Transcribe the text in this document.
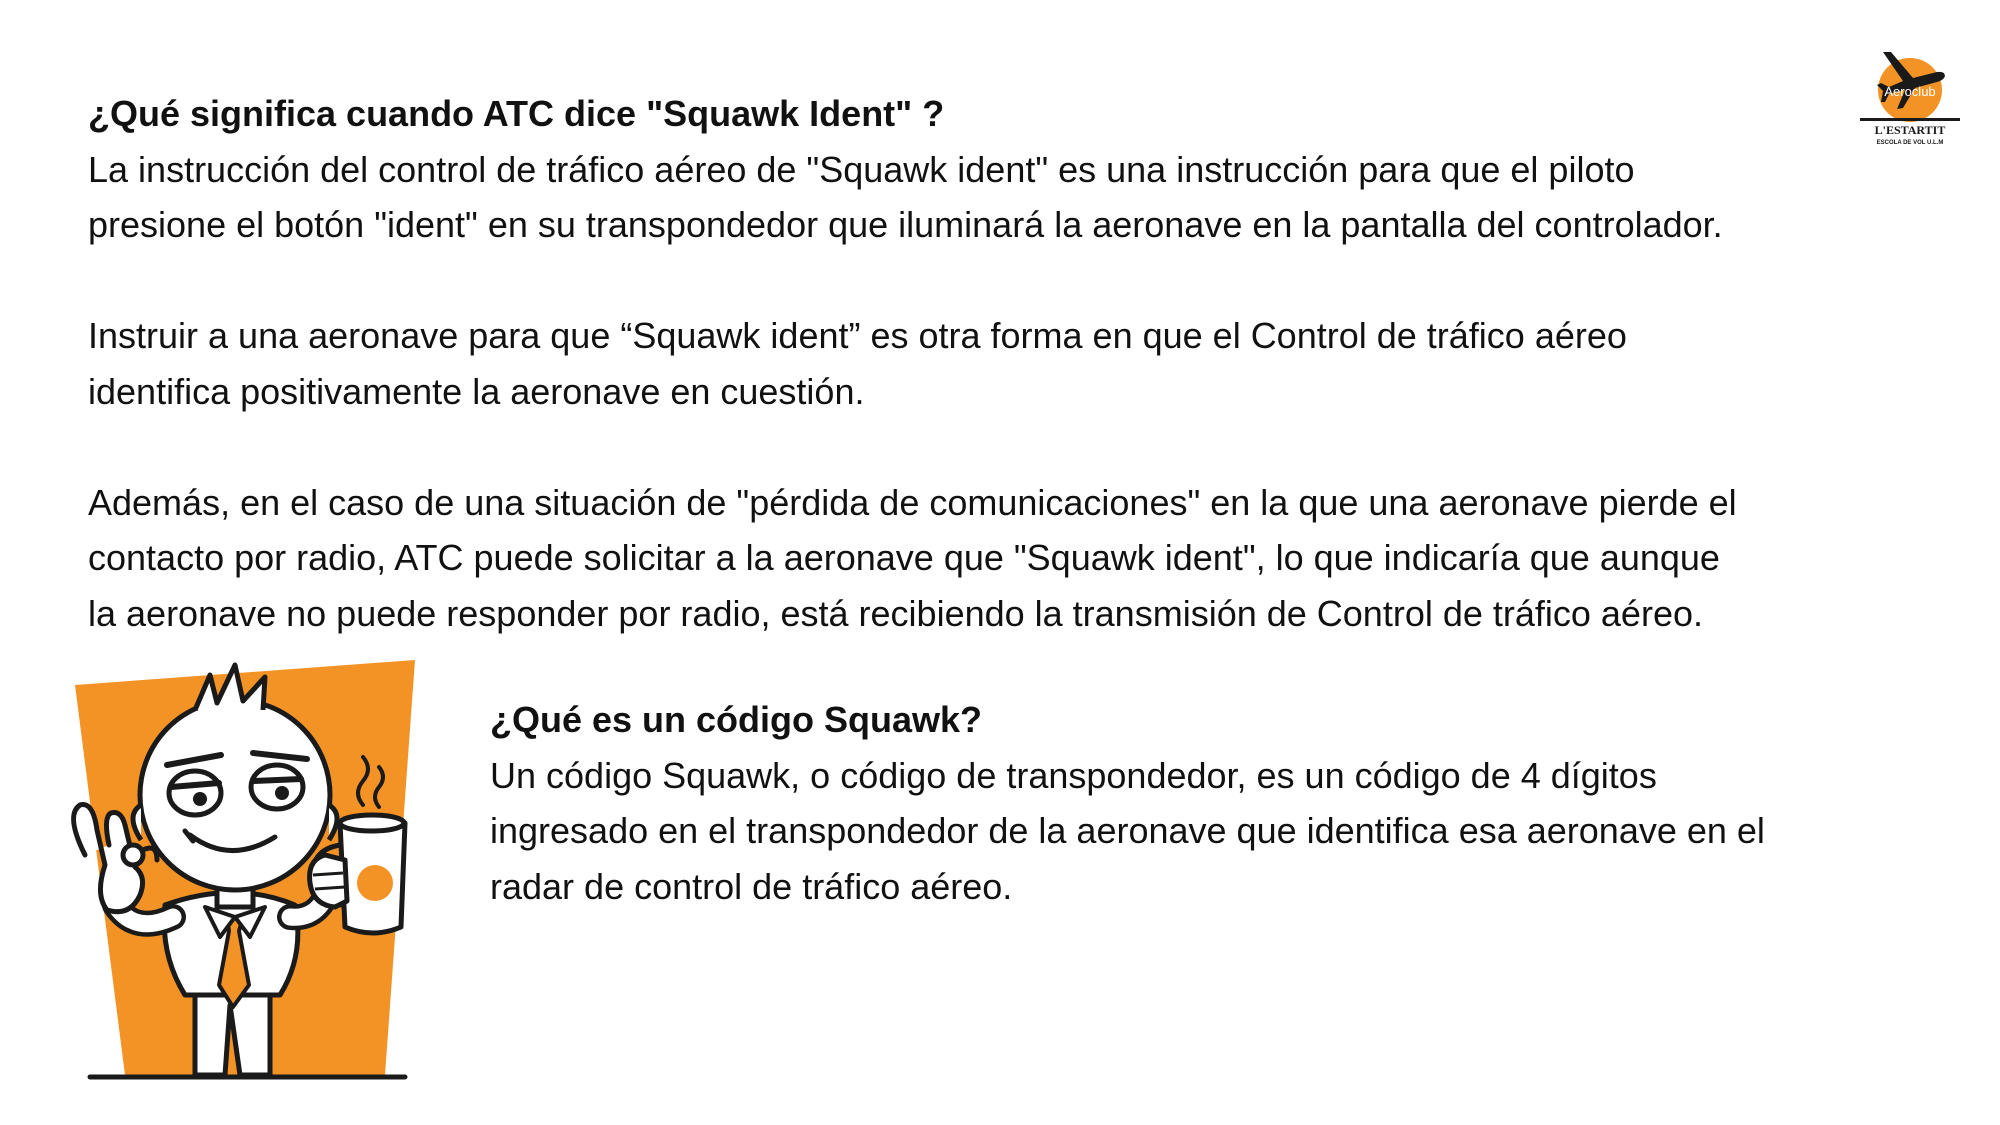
Aeroclub
L'ESTARTIT
ESCOLA DE VOL U.L.M

¿Qué significa cuando ATC dice "Squawk Ident" ?
La instrucción del control de tráfico aéreo de "Squawk ident" es una instrucción para que el piloto
presione el botón "ident" en su transpondedor que iluminará la aeronave en la pantalla del controlador.

Instruir a una aeronave para que “Squawk ident” es otra forma en que el Control de tráfico aéreo
identifica positivamente la aeronave en cuestión.

Además, en el caso de una situación de "pérdida de comunicaciones" en la que una aeronave pierde el
contacto por radio, ATC puede solicitar a la aeronave que "Squawk ident", lo que indicaría que aunque
la aeronave no puede responder por radio, está recibiendo la transmisión de Control de tráfico aéreo.

¿Qué es un código Squawk?
Un código Squawk, o código de transpondedor, es un código de 4 dígitos
ingresado en el transpondedor de la aeronave que identifica esa aeronave en el
radar de control de tráfico aéreo.
